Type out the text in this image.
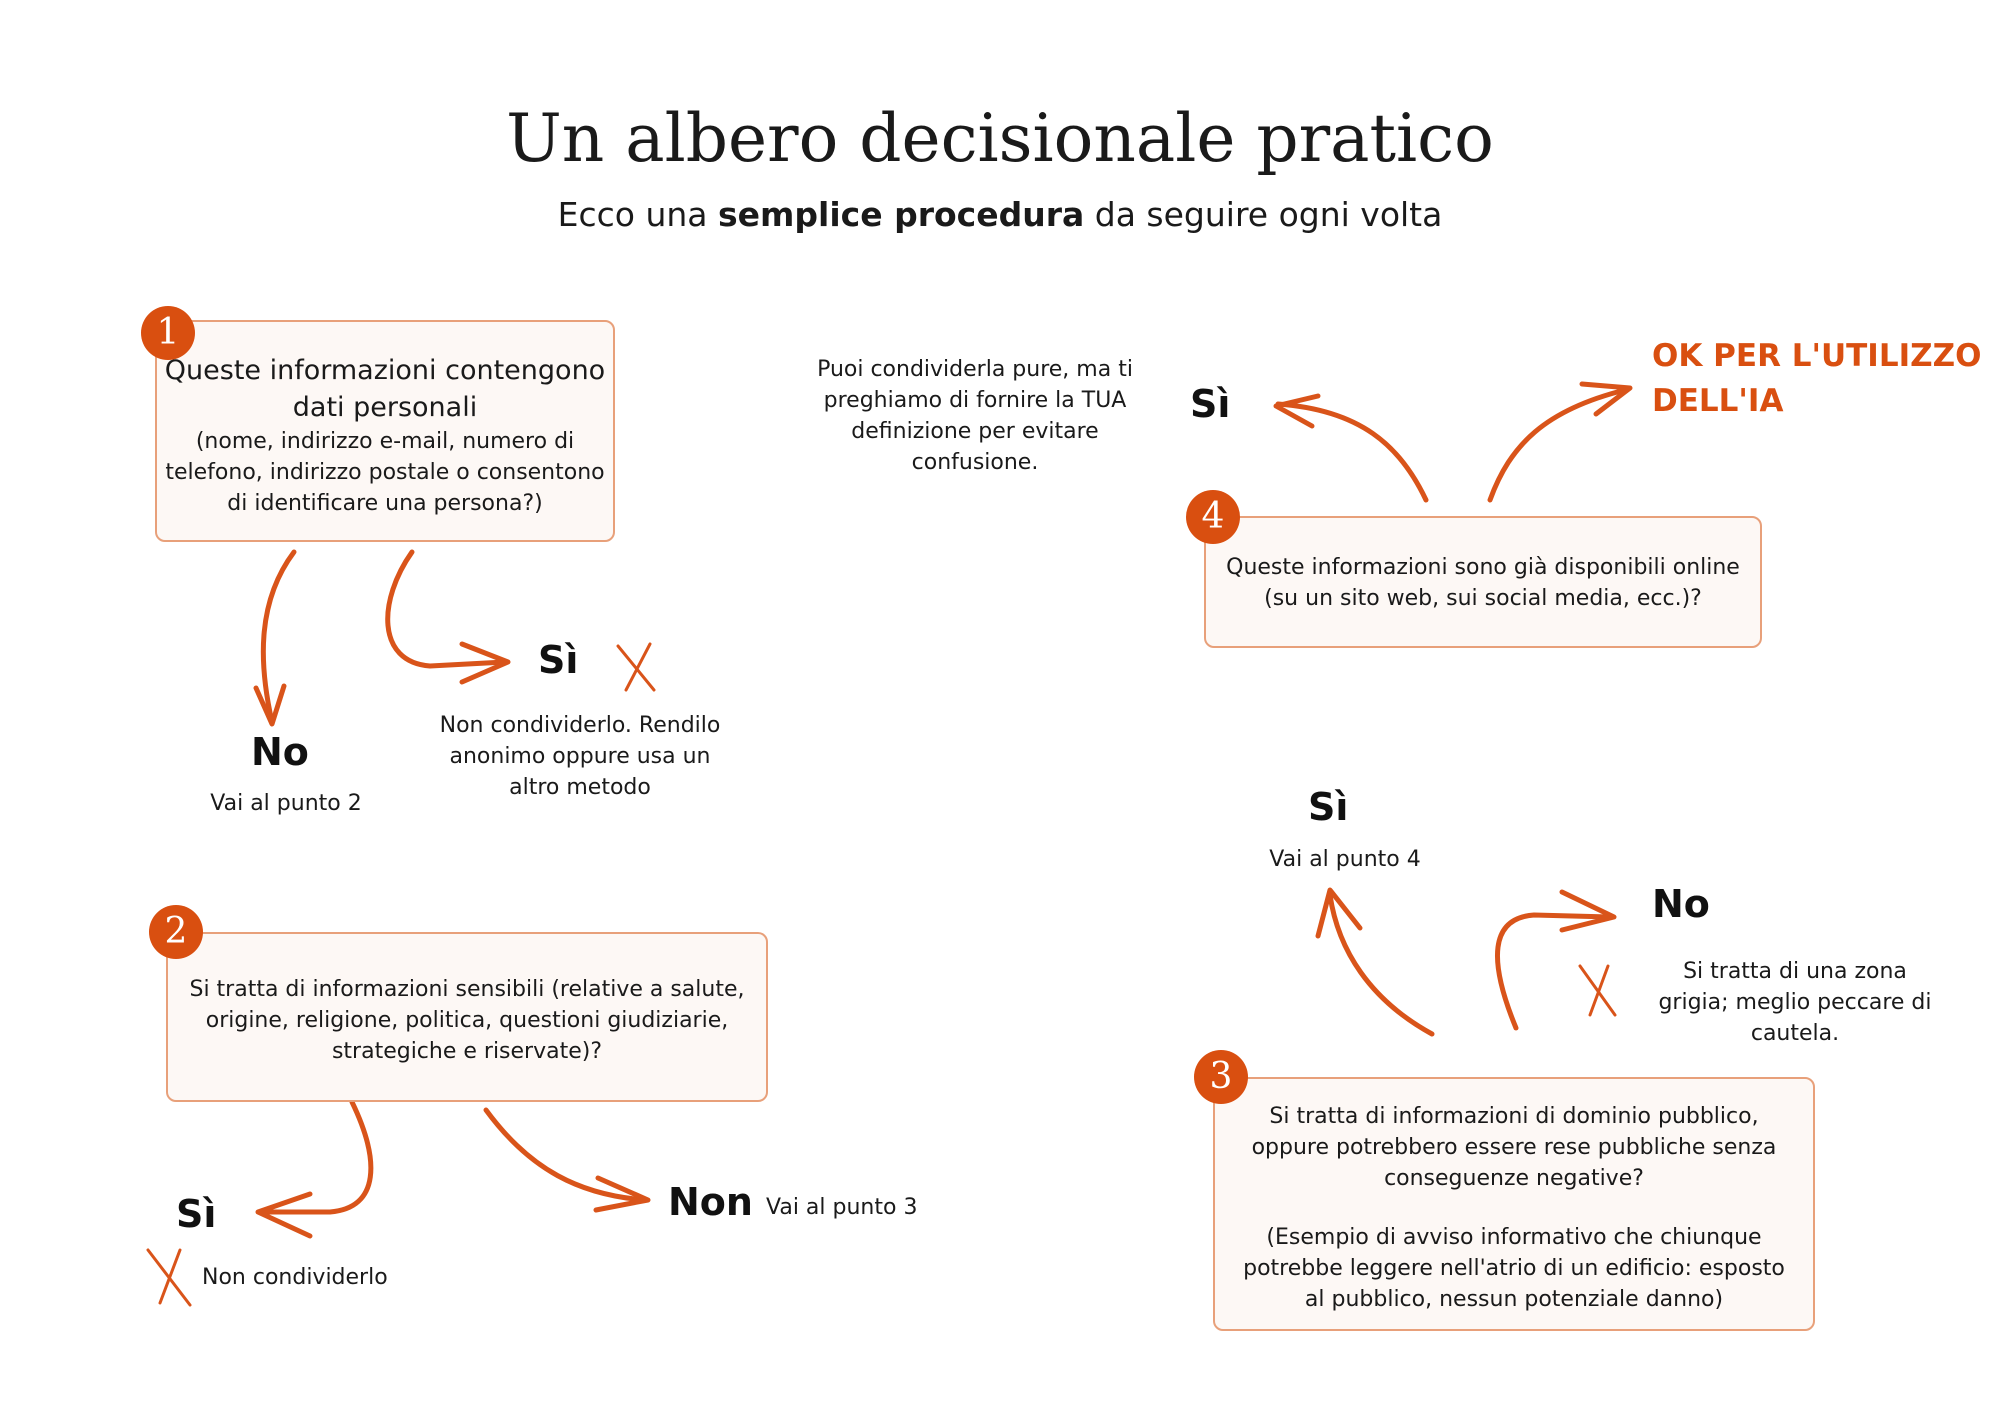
Un albero decisionale pratico
Ecco una semplice procedura da seguire ogni volta
Queste informazioni contengono
dati personali
(nome, indirizzo e-mail, numero di telefono, indirizzo postale o consentono di identificare una persona?)
1
No
Vai al punto 2
Sì
Non condividerlo. Rendilo anonimo oppure usa un altro metodo
Si tratta di informazioni sensibili (relative a salute, origine, religione, politica, questioni giudiziarie, strategiche e riservate)?
2
Sì
Non condividerlo
Non Vai al punto 3
Puoi condividerla pure, ma ti preghiamo di fornire la TUA definizione per evitare confusione.
Sì
OK PER L'UTILIZZO
DELL'IA
Queste informazioni sono già disponibili online (su un sito web, sui social media, ecc.)?
4
Sì
Vai al punto 4
No
Si tratta di una zona grigia; meglio peccare di cautela.
Si tratta di informazioni di dominio pubblico, oppure potrebbero essere rese pubbliche senza conseguenze negative?
(Esempio di avviso informativo che chiunque potrebbe leggere nell'atrio di un edificio: esposto al pubblico, nessun potenziale danno)
3
